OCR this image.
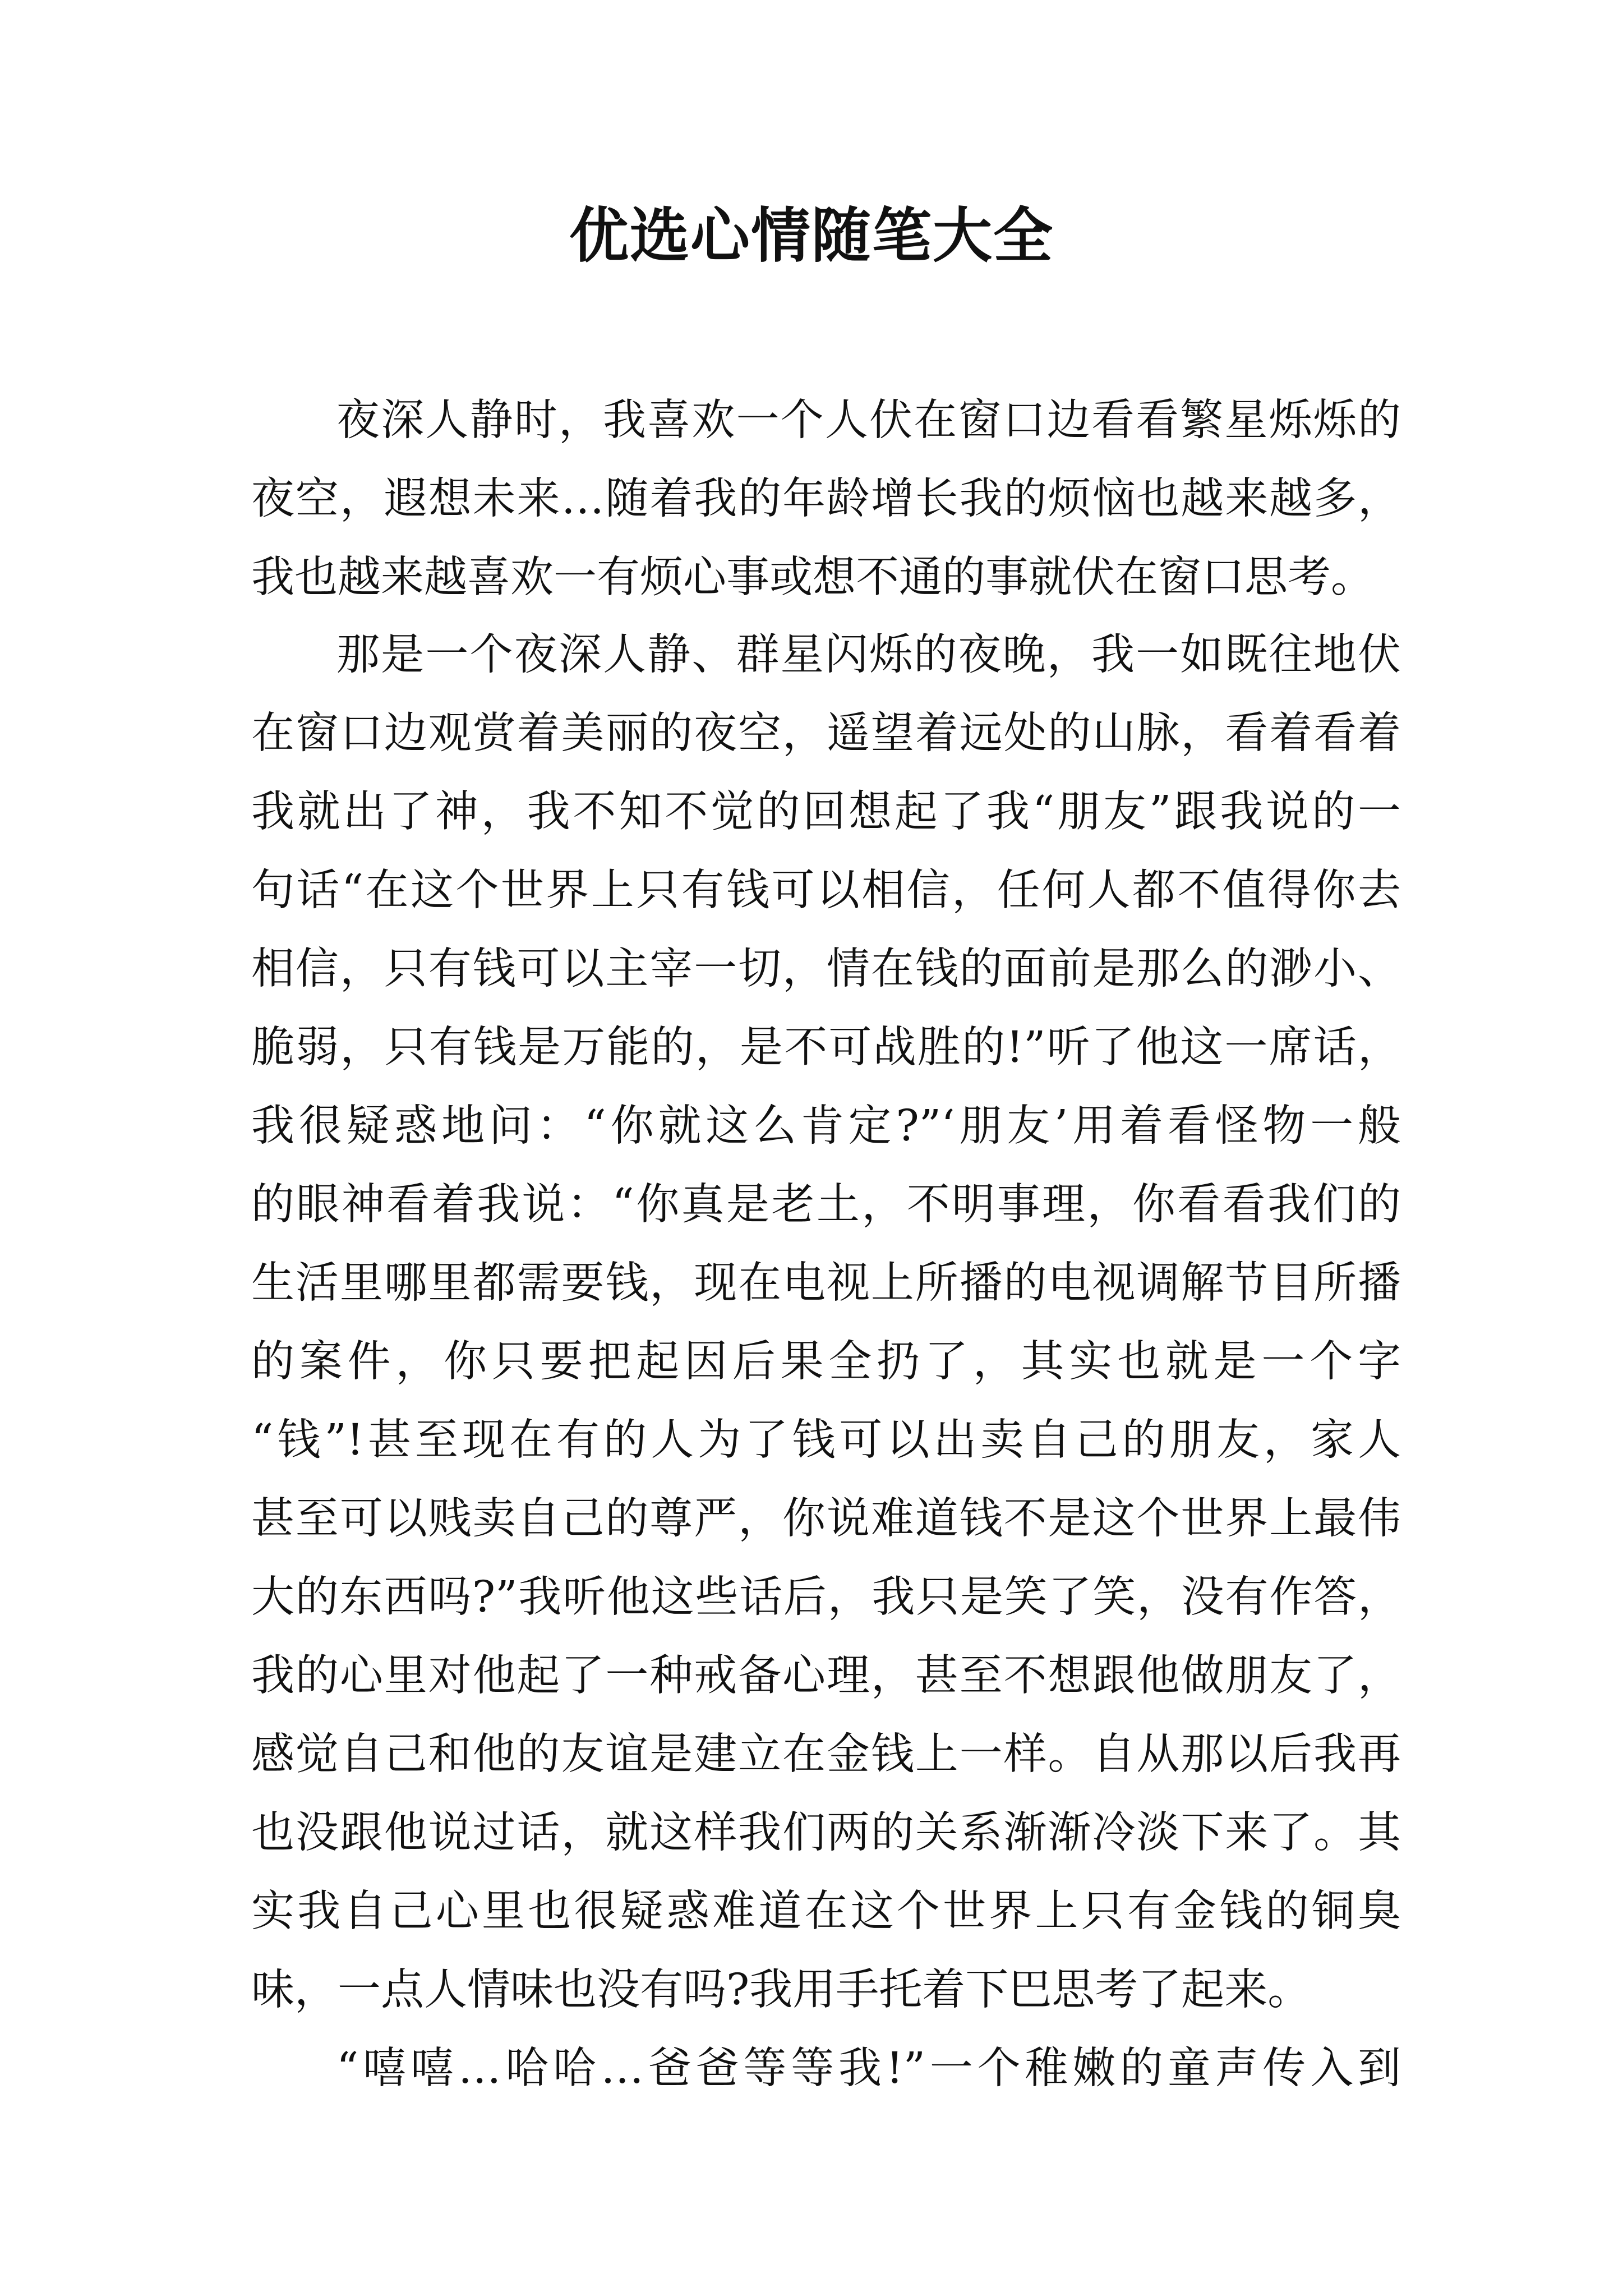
优选心情随笔大全

夜深人静时，我喜欢一个人伏在窗口边看看繁星烁烁的

夜空，遐想未来…随着我的年龄增长我的烦恼也越来越多，

我也越来越喜欢一有烦心事或想不通的事就伏在窗口思考。

那是一个夜深人静、群星闪烁的夜晚，我一如既往地伏

在窗口边观赏着美丽的夜空，遥望着远处的山脉，看着看着

我就出了神，我不知不觉的回想起了我“朋友”跟我说的一

句话“在这个世界上只有钱可以相信，任何人都不值得你去

相信，只有钱可以主宰一切，情在钱的面前是那么的渺小、

脆弱，只有钱是万能的，是不可战胜的!”听了他这一席话，

我很疑惑地问：“你就这么肯定?”‘朋友’用着看怪物一般

的眼神看着我说：“你真是老土，不明事理，你看看我们的

生活里哪里都需要钱，现在电视上所播的电视调解节目所播

的案件，你只要把起因后果全扔了，其实也就是一个字

“钱”!甚至现在有的人为了钱可以出卖自己的朋友，家人

甚至可以贱卖自己的尊严，你说难道钱不是这个世界上最伟

大的东西吗?”我听他这些话后，我只是笑了笑，没有作答，

我的心里对他起了一种戒备心理，甚至不想跟他做朋友了，

感觉自己和他的友谊是建立在金钱上一样。自从那以后我再

也没跟他说过话，就这样我们两的关系渐渐冷淡下来了。其

实我自己心里也很疑惑难道在这个世界上只有金钱的铜臭

味，一点人情味也没有吗?我用手托着下巴思考了起来。

“嘻嘻…哈哈…爸爸等等我!”一个稚嫩的童声传入到
